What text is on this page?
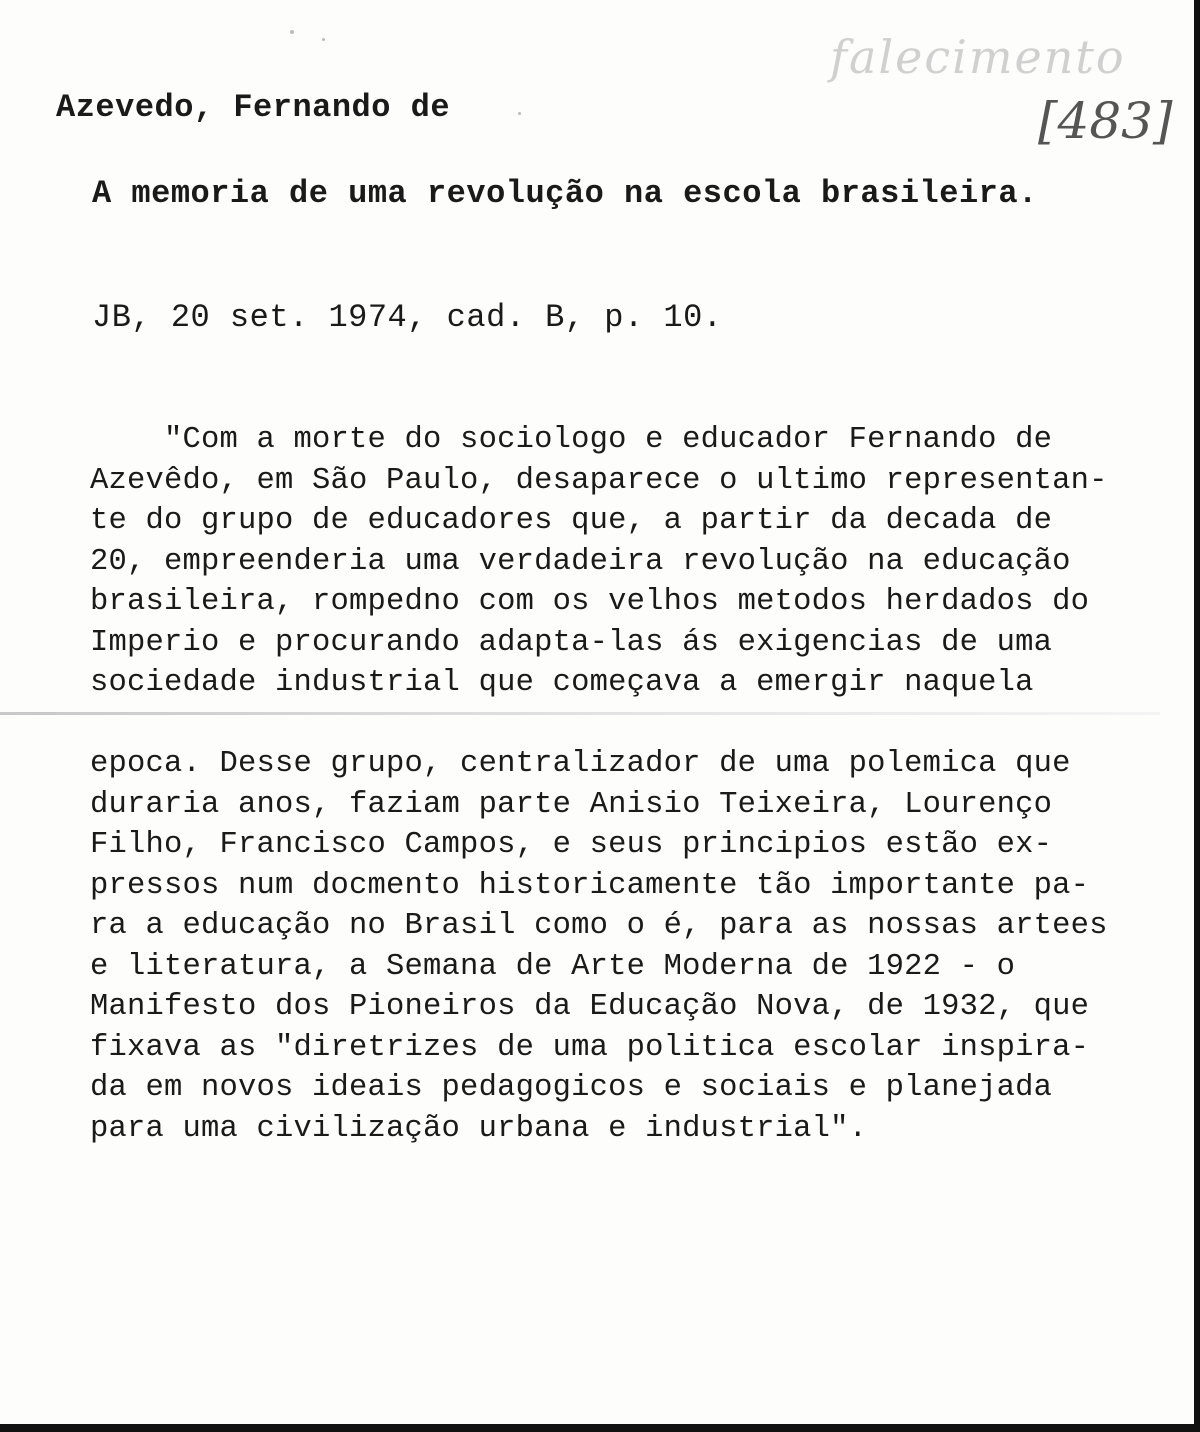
falecimento
[483]
Azevedo, Fernando de
A memoria de uma revolução na escola brasileira.
JB, 20 set. 1974, cad. B, p. 10.
"Com a morte do sociologo e educador Fernando de
Azevêdo, em São Paulo, desaparece o ultimo representan-
te do grupo de educadores que, a partir da decada de
20, empreenderia uma verdadeira revolução na educação
brasileira, rompedno com os velhos metodos herdados do
Imperio e procurando adapta-las ás exigencias de uma
sociedade industrial que começava a emergir naquela
epoca. Desse grupo, centralizador de uma polemica que
duraria anos, faziam parte Anisio Teixeira, Lourenço
Filho, Francisco Campos, e seus principios estão ex-
pressos num docmento historicamente tão importante pa-
ra a educação no Brasil como o é, para as nossas artees
e literatura, a Semana de Arte Moderna de 1922 - o
Manifesto dos Pioneiros da Educação Nova, de 1932, que
fixava as "diretrizes de uma politica escolar inspira-
da em novos ideais pedagogicos e sociais e planejada
para uma civilização urbana e industrial".
